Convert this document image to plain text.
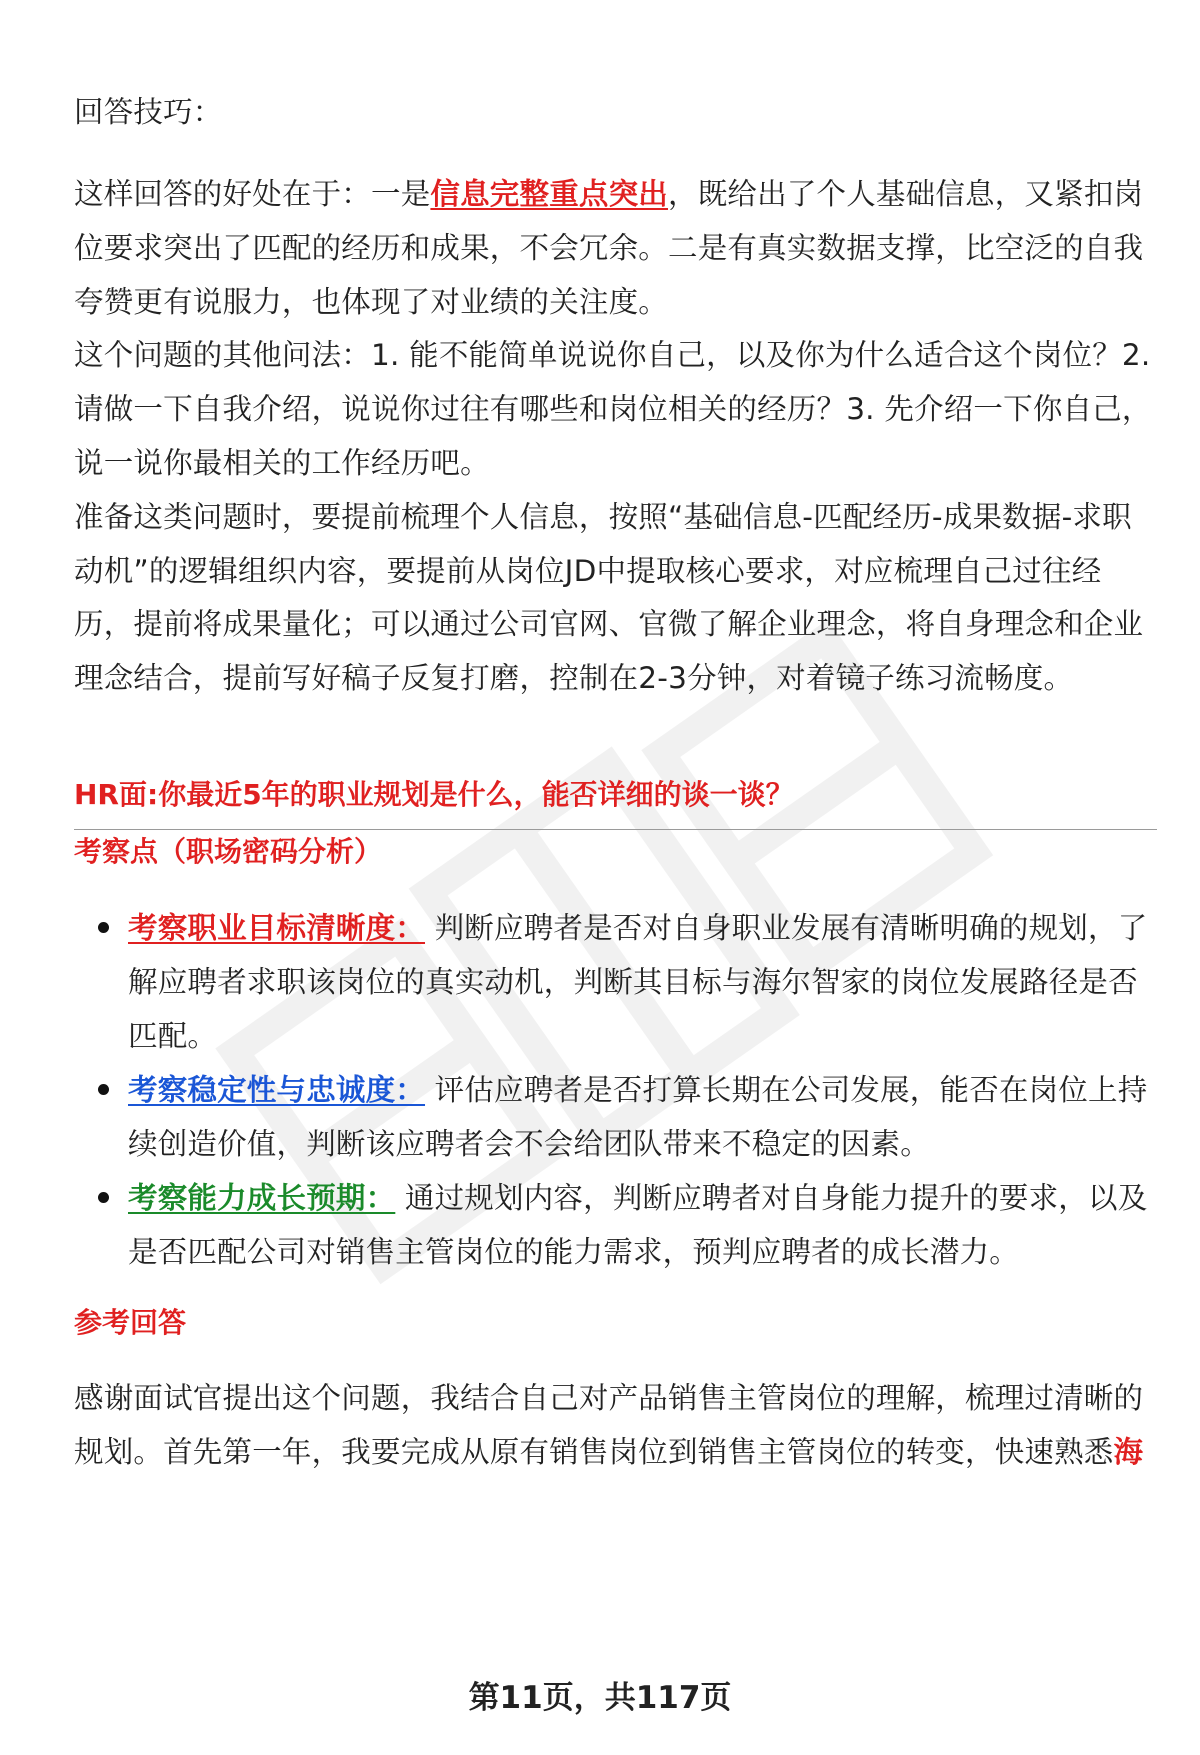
回答技巧：
这样回答的好处在于：一是信息完整重点突出，既给出了个人基础信息，又紧扣岗
位要求突出了匹配的经历和成果，不会冗余。二是有真实数据支撑，比空泛的自我
夸赞更有说服力，也体现了对业绩的关注度。
这个问题的其他问法：1. 能不能简单说说你自己，以及你为什么适合这个岗位？2.
请做一下自我介绍，说说你过往有哪些和岗位相关的经历？3. 先介绍一下你自己，
说一说你最相关的工作经历吧。
准备这类问题时，要提前梳理个人信息，按照“基础信息-匹配经历-成果数据-求职
动机”的逻辑组织内容，要提前从岗位JD中提取核心要求，对应梳理自己过往经
历，提前将成果量化；可以通过公司官网、官微了解企业理念，将自身理念和企业
理念结合，提前写好稿子反复打磨，控制在2-3分钟，对着镜子练习流畅度。
HR面:你最近5年的职业规划是什么，能否详细的谈一谈？
考察点（职场密码分析）
考察职业目标清晰度： 判断应聘者是否对自身职业发展有清晰明确的规划，了
解应聘者求职该岗位的真实动机，判断其目标与海尔智家的岗位发展路径是否
匹配。
考察稳定性与忠诚度： 评估应聘者是否打算长期在公司发展，能否在岗位上持
续创造价值，判断该应聘者会不会给团队带来不稳定的因素。
考察能力成长预期： 通过规划内容，判断应聘者对自身能力提升的要求，以及
是否匹配公司对销售主管岗位的能力需求，预判应聘者的成长潜力。
参考回答
感谢面试官提出这个问题，我结合自己对产品销售主管岗位的理解，梳理过清晰的
规划。首先第一年，我要完成从原有销售岗位到销售主管岗位的转变，快速熟悉海
第11页，共117页
